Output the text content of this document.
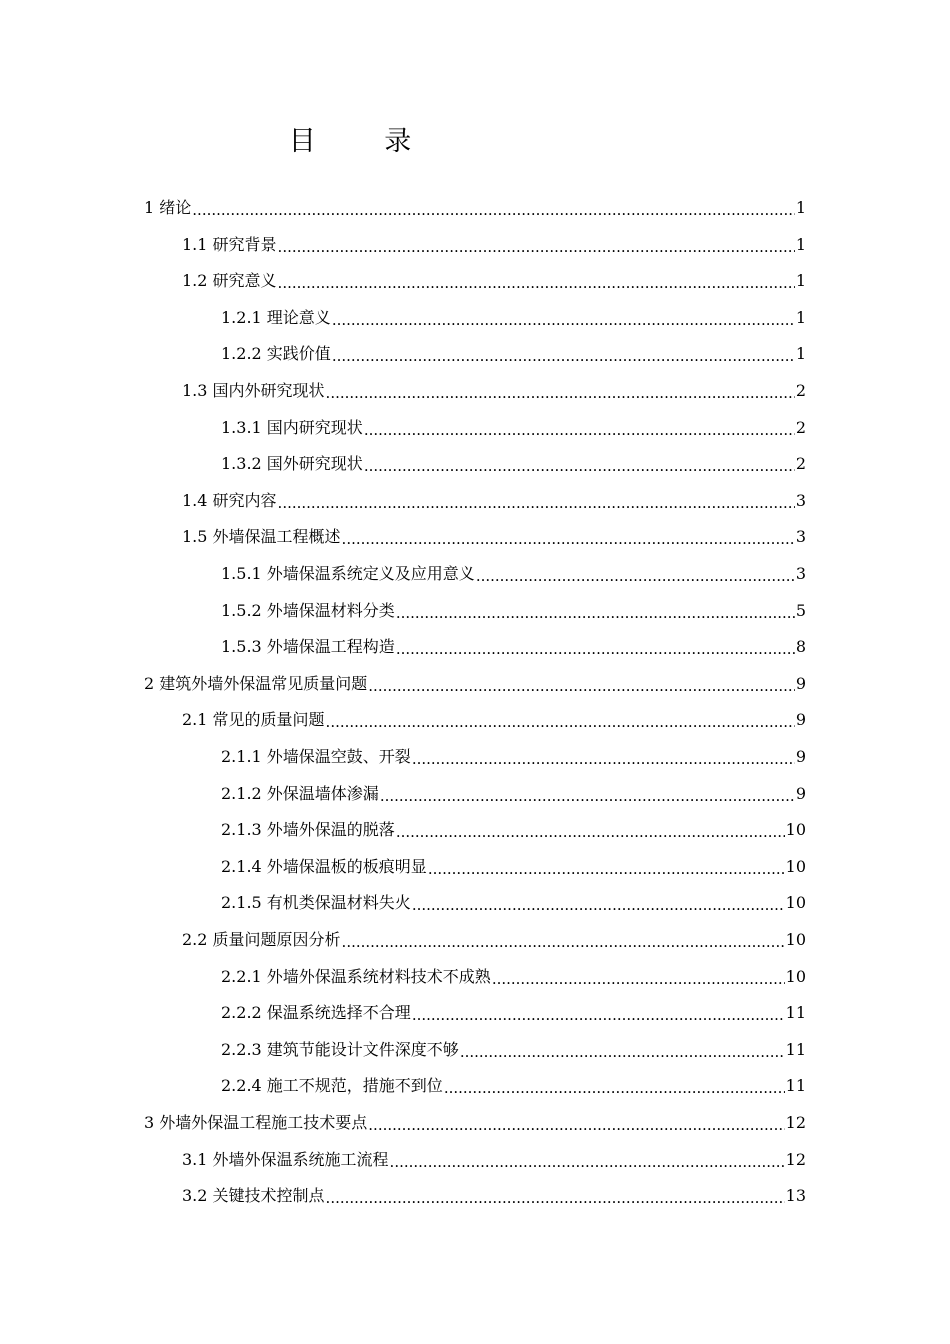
目 录
1 绪论 .....	1
1.1 研究背景 .....	1
1.2 研究意义 .....	1
1.2.1 理论意义 .....	1
1.2.2 实践价值 .....	1
1.3 国内外研究现状 .....	2
1.3.1 国内研究现状 .....	2
1.3.2 国外研究现状 .....	2
1.4 研究内容 .....	3
1.5 外墙保温工程概述 .....	3
1.5.1 外墙保温系统定义及应用意义 .....	3
1.5.2 外墙保温材料分类 .....	5
1.5.3 外墙保温工程构造 .....	8
2 建筑外墙外保温常见质量问题 .....	9
2.1 常见的质量问题 .....	9
2.1.1 外墙保温空鼓、开裂 .....	9
2.1.2 外保温墙体渗漏 .....	9
2.1.3 外墙外保温的脱落 .....	10
2.1.4 外墙保温板的板痕明显 .....	10
2.1.5 有机类保温材料失火 .....	10
2.2 质量问题原因分析 .....	10
2.2.1 外墙外保温系统材料技术不成熟 .....	10
2.2.2 保温系统选择不合理 .....	11
2.2.3 建筑节能设计文件深度不够 .....	11
2.2.4 施工不规范，措施不到位 .....	11
3 外墙外保温工程施工技术要点 .....	12
3.1 外墙外保温系统施工流程 .....	12
3.2 关键技术控制点 .....	13
